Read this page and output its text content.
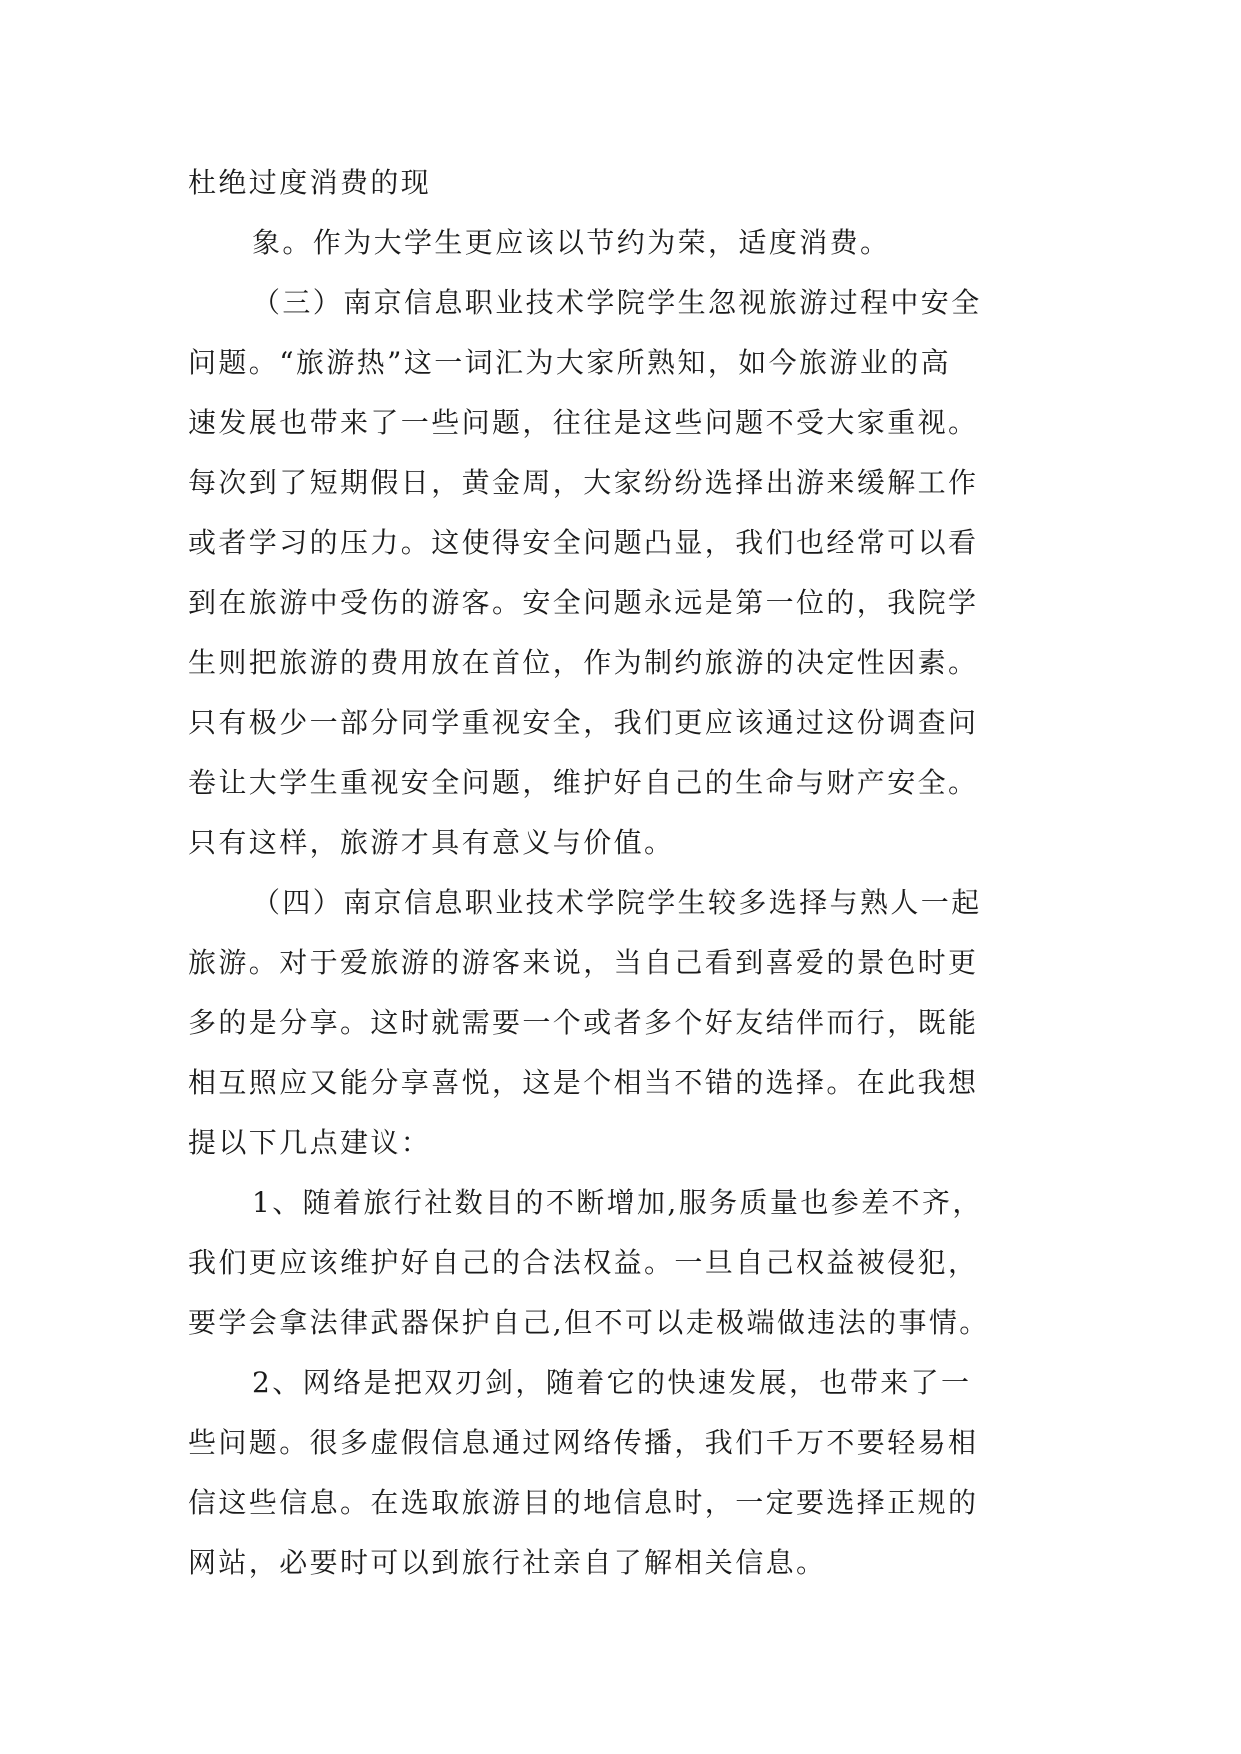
杜绝过度消费的现
象。作为大学生更应该以节约为荣，适度消费。
（三）南京信息职业技术学院学生忽视旅游过程中安全
问题。“旅游热”这一词汇为大家所熟知，如今旅游业的高
速发展也带来了一些问题，往往是这些问题不受大家重视。
每次到了短期假日，黄金周，大家纷纷选择出游来缓解工作
或者学习的压力。这使得安全问题凸显，我们也经常可以看
到在旅游中受伤的游客。安全问题永远是第一位的，我院学
生则把旅游的费用放在首位，作为制约旅游的决定性因素。
只有极少一部分同学重视安全，我们更应该通过这份调查问
卷让大学生重视安全问题，维护好自己的生命与财产安全。
只有这样，旅游才具有意义与价值。
（四）南京信息职业技术学院学生较多选择与熟人一起
旅游。对于爱旅游的游客来说，当自己看到喜爱的景色时更
多的是分享。这时就需要一个或者多个好友结伴而行，既能
相互照应又能分享喜悦，这是个相当不错的选择。在此我想
提以下几点建议：
1、随着旅行社数目的不断增加,服务质量也参差不齐，
我们更应该维护好自己的合法权益。一旦自己权益被侵犯，
要学会拿法律武器保护自己,但不可以走极端做违法的事情。
2、网络是把双刃剑，随着它的快速发展，也带来了一
些问题。很多虚假信息通过网络传播，我们千万不要轻易相
信这些信息。在选取旅游目的地信息时，一定要选择正规的
网站，必要时可以到旅行社亲自了解相关信息。
